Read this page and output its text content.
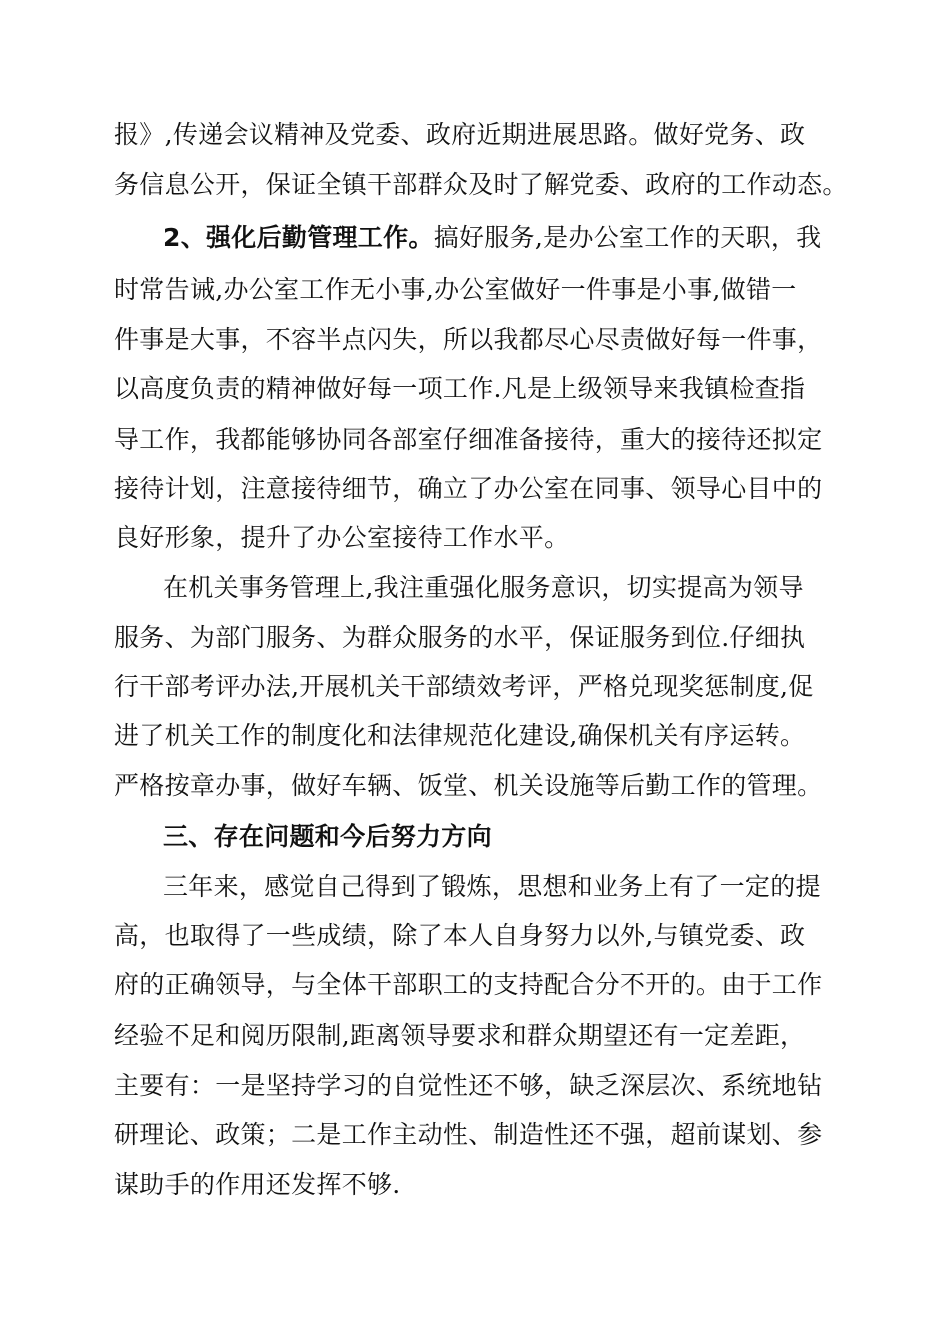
报》,传递会议精神及党委、政府近期进展思路。做好党务、政
务信息公开，保证全镇干部群众及时了解党委、政府的工作动态。
2、强化后勤管理工作。搞好服务,是办公室工作的天职，我
时常告诫,办公室工作无小事,办公室做好一件事是小事,做错一
件事是大事，不容半点闪失，所以我都尽心尽责做好每一件事，
以高度负责的精神做好每一项工作.凡是上级领导来我镇检查指
导工作，我都能够协同各部室仔细准备接待，重大的接待还拟定
接待计划，注意接待细节，确立了办公室在同事、领导心目中的
良好形象，提升了办公室接待工作水平。
在机关事务管理上,我注重强化服务意识，切实提高为领导
服务、为部门服务、为群众服务的水平，保证服务到位.仔细执
行干部考评办法,开展机关干部绩效考评，严格兑现奖惩制度,促
进了机关工作的制度化和法律规范化建设,确保机关有序运转。
严格按章办事，做好车辆、饭堂、机关设施等后勤工作的管理。
三、存在问题和今后努力方向
三年来，感觉自己得到了锻炼，思想和业务上有了一定的提
高，也取得了一些成绩，除了本人自身努力以外,与镇党委、政
府的正确领导，与全体干部职工的支持配合分不开的。由于工作
经验不足和阅历限制,距离领导要求和群众期望还有一定差距，
主要有：一是坚持学习的自觉性还不够，缺乏深层次、系统地钻
研理论、政策；二是工作主动性、制造性还不强，超前谋划、参
谋助手的作用还发挥不够.
